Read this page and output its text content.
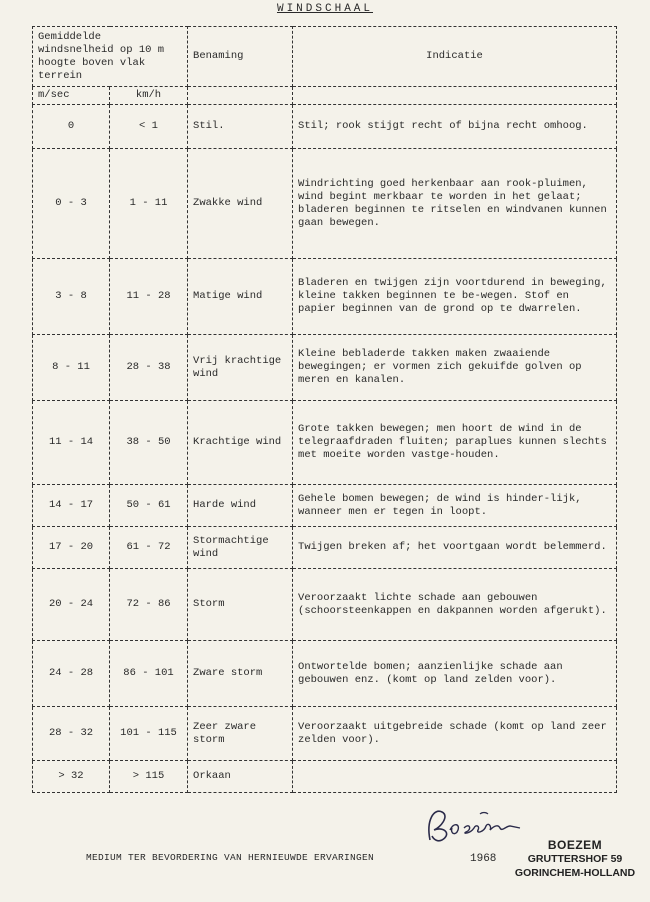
WINDSCHAAL
Gemiddelde windsnelheid op 10 m hoogte boven vlak terrein		Benaming	Indicatie
m/sec	km/h		
0	< 1	Stil.	Stil; rook stijgt recht of bijna recht omhoog.
0 - 3	1 - 11	Zwakke wind	Windrichting goed herkenbaar aan rook-pluimen, wind begint merkbaar te worden in het gelaat; bladeren beginnen te ritselen en windvanen kunnen gaan bewegen.
3 - 8	11 - 28	Matige wind	Bladeren en twijgen zijn voortdurend in beweging, kleine takken beginnen te be-wegen. Stof en papier beginnen van de grond op te dwarrelen.
8 - 11	28 - 38	Vrij krachtige wind	Kleine bebladerde takken maken zwaaiende bewegingen; er vormen zich gekuifde golven op meren en kanalen.
11 - 14	38 - 50	Krachtige wind	Grote takken bewegen; men hoort de wind in de telegraafdraden fluiten; paraplues kunnen slechts met moeite worden vastge-houden.
14 - 17	50 - 61	Harde wind	Gehele bomen bewegen; de wind is hinder-lijk, wanneer men er tegen in loopt.
17 - 20	61 - 72	Stormachtige wind	Twijgen breken af; het voortgaan wordt belemmerd.
20 - 24	72 - 86	Storm	Veroorzaakt lichte schade aan gebouwen (schoorsteenkappen en dakpannen worden afgerukt).
24 - 28	86 - 101	Zware storm	Ontwortelde bomen; aanzienlijke schade aan gebouwen enz. (komt op land zelden voor).
28 - 32	101 - 115	Zeer zware storm	Veroorzaakt uitgebreide schade (komt op land zeer zelden voor).
> 32	> 115	Orkaan	
MEDIUM TER BEVORDERING VAN HERNIEUWDE ERVARINGEN	1968
BOEZEM
GRUTTERSHOF 59
GORINCHEM-HOLLAND
